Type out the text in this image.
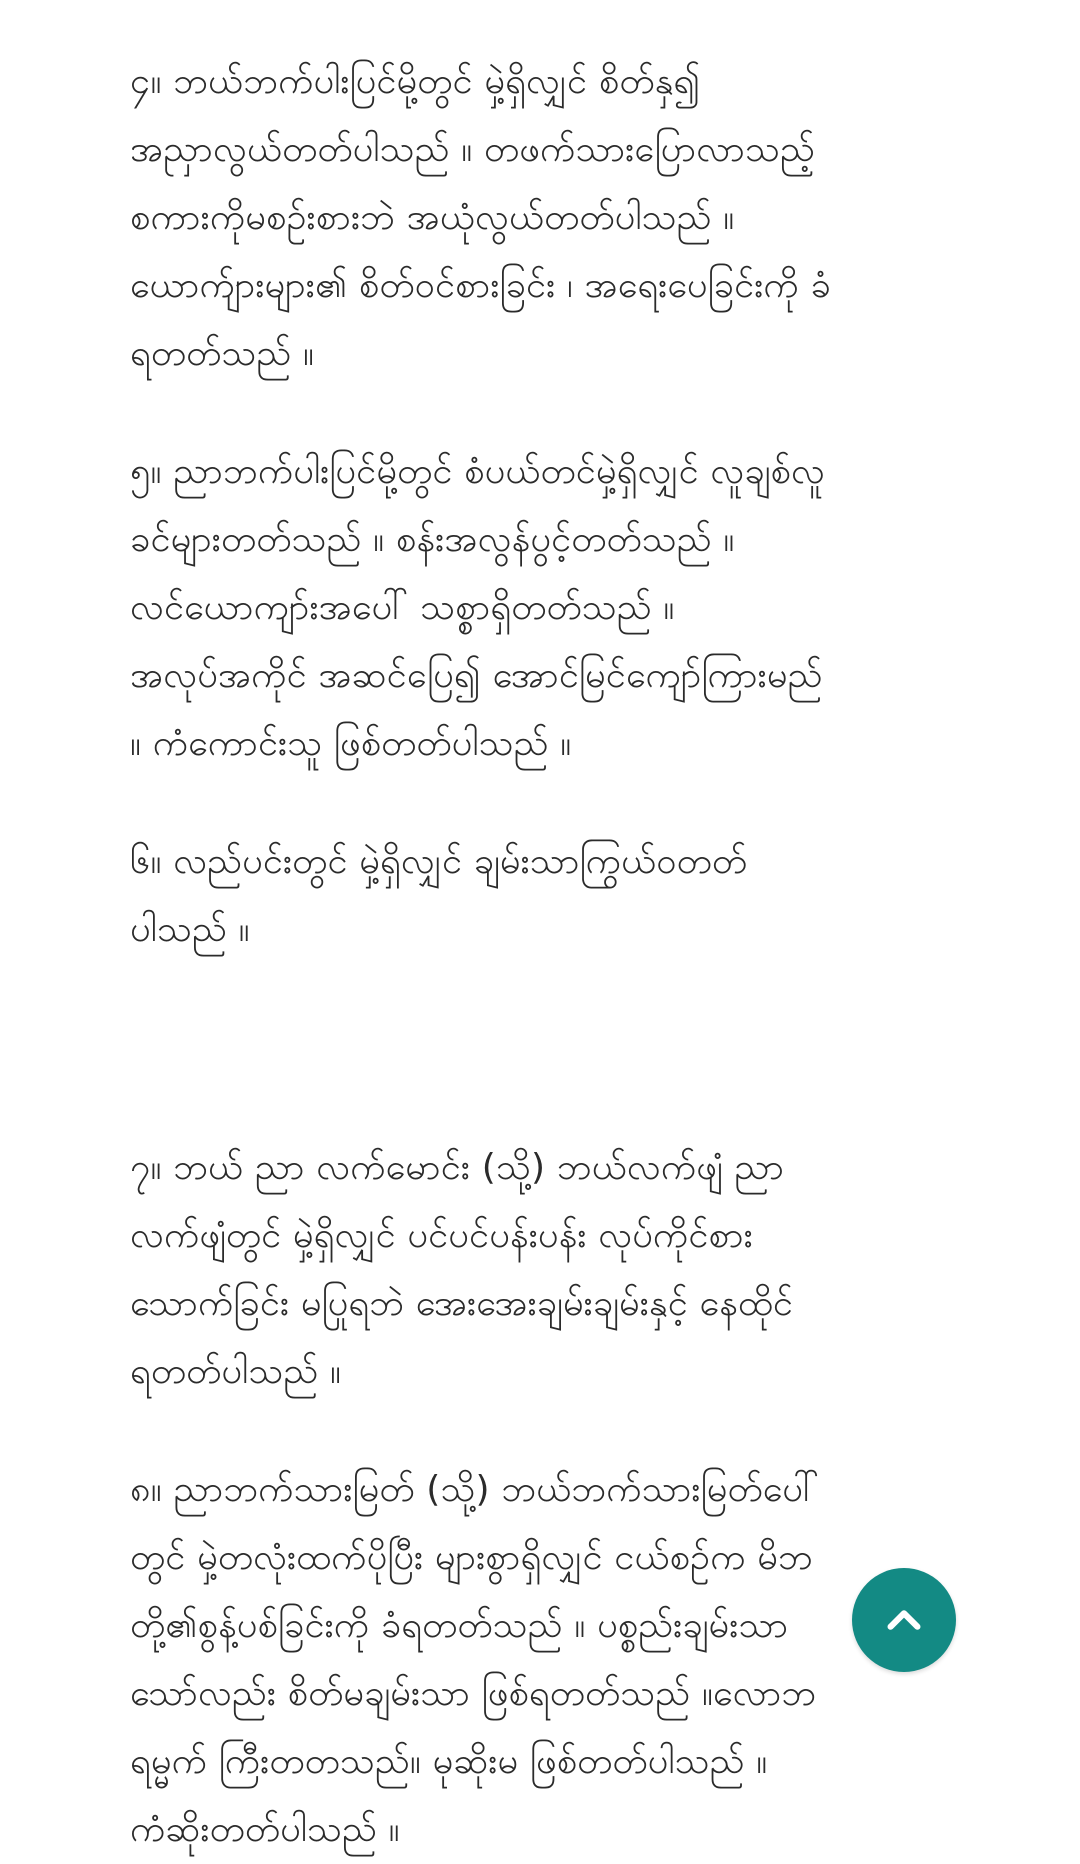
၄။ ဘယ်ဘက်ပါးပြင်မို့တွင် မှဲ့ရှိလျှင် စိတ်နှ၍
အညှာလွယ်တတ်ပါသည် ။ တဖက်သားပြောလာသည့်
စကားကိုမစဉ်းစားဘဲ အယုံလွယ်တတ်ပါသည် ။
ယောက်ျားများ၏ စိတ်ဝင်စားခြင်း ၊ အရေးပေခြင်းကို ခံ
ရတတ်သည် ။

၅။ ညာဘက်ပါးပြင်မို့တွင် စံပယ်တင်မှဲ့ရှိလျှင် လူချစ်လူ
ခင်များတတ်သည် ။ စန်းအလွန်ပွင့်တတ်သည် ။
လင်ယောကျာ်းအပေါ် သစ္စာရှိတတ်သည် ။
အလုပ်အကိုင် အဆင်ပြေ၍ အောင်မြင်ကျော်ကြားမည်
။ ကံကောင်းသူ ဖြစ်တတ်ပါသည် ။

၆။ လည်ပင်းတွင် မှဲ့ရှိလျှင် ချမ်းသာကြွယ်ဝတတ်
ပါသည် ။

၇။ ဘယ် ညာ လက်မောင်း (သို့) ဘယ်လက်ဖျံ ညာ
လက်ဖျံတွင် မှဲ့ရှိလျှင် ပင်ပင်ပန်းပန်း လုပ်ကိုင်စား
သောက်ခြင်း မပြုရဘဲ အေးအေးချမ်းချမ်းနှင့် နေထိုင်
ရတတ်ပါသည် ။

၈။ ညာဘက်သားမြတ် (သို့) ဘယ်ဘက်သားမြတ်ပေါ်
တွင် မှဲ့တလုံးထက်ပိုပြီး များစွာရှိလျှင် ငယ်စဉ်က မိဘ
တို့၏စွန့်ပစ်ခြင်းကို ခံရတတ်သည် ။ ပစ္စည်းချမ်းသာ
သော်လည်း စိတ်မချမ်းသာ ဖြစ်ရတတ်သည် ။လောဘ
ရမ္မက် ကြီးတတသည်။ မုဆိုးမ ဖြစ်တတ်ပါသည် ။
ကံဆိုးတတ်ပါသည် ။
